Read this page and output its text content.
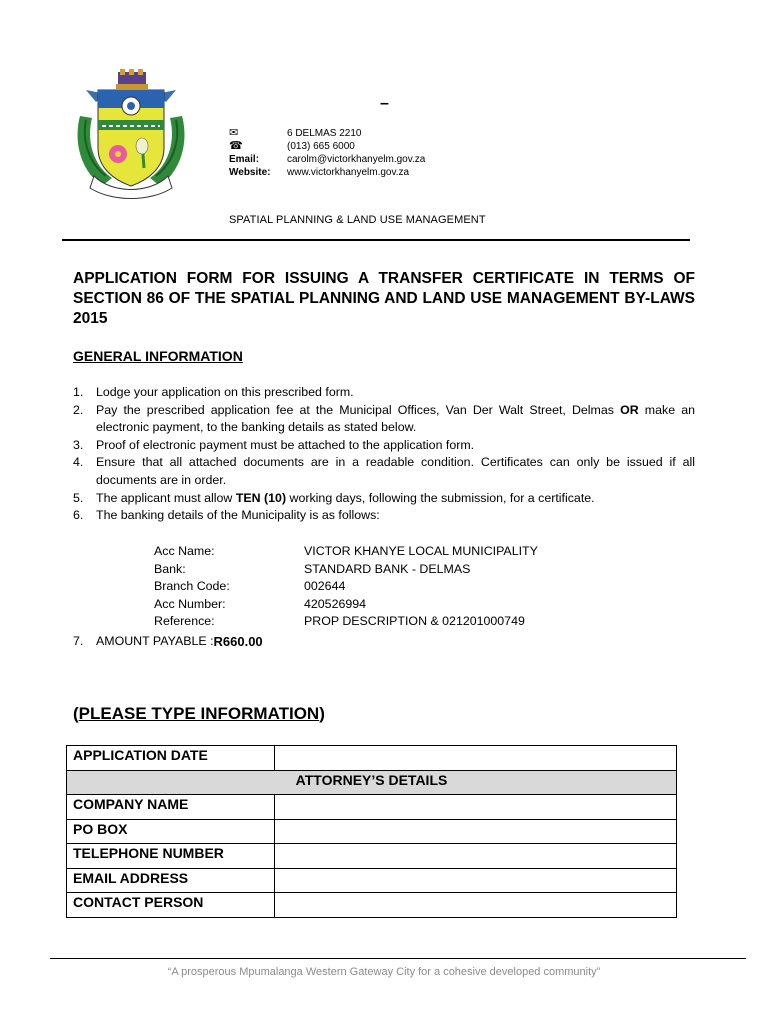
–
✉	6 DELMAS 2210
☎	(013) 665 6000
Email:	carolm@victorkhanyelm.gov.za
Website:	www.victorkhanyelm.gov.za
SPATIAL PLANNING & LAND USE MANAGEMENT
APPLICATION FORM FOR ISSUING A TRANSFER CERTIFICATE IN TERMS OF SECTION 86 OF THE SPATIAL PLANNING AND LAND USE MANAGEMENT BY-LAWS 2015
GENERAL INFORMATION
1.	Lodge your application on this prescribed form.
2.	Pay the prescribed application fee at the Municipal Offices, Van Der Walt Street, Delmas OR make an electronic payment, to the banking details as stated below.
3.	Proof of electronic payment must be attached to the application form.
4.	Ensure that all attached documents are in a readable condition. Certificates can only be issued if all documents are in order.
5.	The applicant must allow TEN (10) working days, following the submission, for a certificate.
6.	The banking details of the Municipality is as follows:
Acc Name:	VICTOR KHANYE LOCAL MUNICIPALITY
Bank:	STANDARD BANK - DELMAS
Branch Code:	002644
Acc Number:	420526994
Reference:	PROP DESCRIPTION & 021201000749
7.	AMOUNT PAYABLE : R660.00
(PLEASE TYPE INFORMATION)
APPLICATION DATE	
ATTORNEY’S DETAILS	
COMPANY NAME	
PO BOX	
TELEPHONE NUMBER	
EMAIL ADDRESS	
CONTACT PERSON	
“A prosperous Mpumalanga Western Gateway City for a cohesive developed community”
